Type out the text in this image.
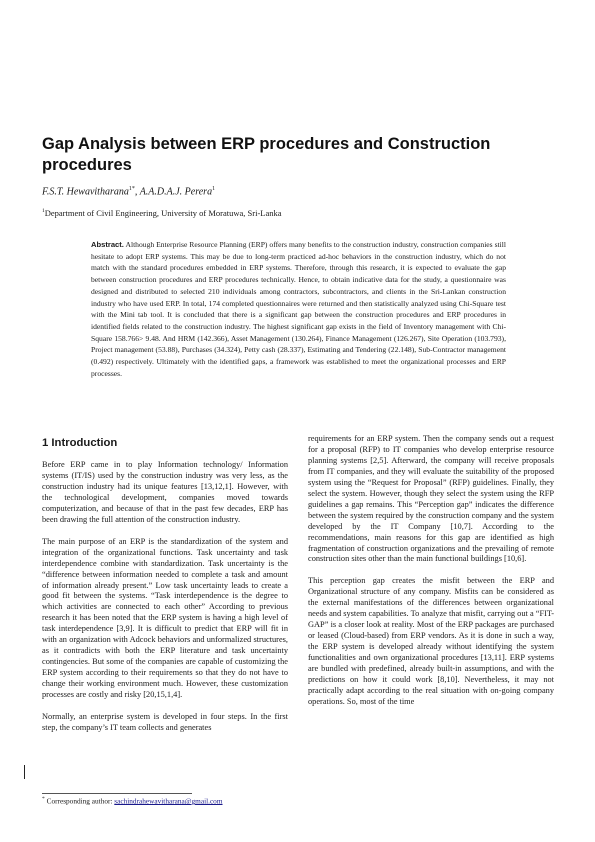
Gap Analysis between ERP procedures and Construction procedures
F.S.T. Hewavitharana$^{1*}$, A.A.D.A.J. Perera$^1$
$^1$Department of Civil Engineering, University of Moratuwa, Sri-Lanka
Abstract. Although Enterprise Resource Planning (ERP) offers many benefits to the construction industry, construction companies still hesitate to adopt ERP systems. This may be due to long-term practiced ad-hoc behaviors in the construction industry, which do not match with the standard procedures embedded in ERP systems. Therefore, through this research, it is expected to evaluate the gap between construction procedures and ERP procedures technically. Hence, to obtain indicative data for the study, a questionnaire was designed and distributed to selected 210 individuals among contractors, subcontractors, and clients in the Sri-Lankan construction industry who have used ERP. In total, 174 completed questionnaires were returned and then statistically analyzed using Chi-Square test with the Mini tab tool. It is concluded that there is a significant gap between the construction procedures and ERP procedures in identified fields related to the construction industry. The highest significant gap exists in the field of Inventory management with Chi-Square 158.766> 9.48. And HRM (142.366), Asset Management (130.264), Finance Management (126.267), Site Operation (103.793), Project management (53.88), Purchases (34.324), Petty cash (28.337), Estimating and Tendering (22.148), Sub-Contractor management (0.492) respectively. Ultimately with the identified gaps, a framework was established to meet the organizational processes and ERP processes.
1 Introduction

Before ERP came in to play Information technology/ Information systems (IT/IS) used by the construction industry was very less, as the construction industry had its unique features [13,12,1]. However, with the technological development, companies moved towards computerization, and because of that in the past few decades, ERP has been drawing the full attention of the construction industry.

The main purpose of an ERP is the standardization of the system and integration of the organizational functions. Task uncertainty and task interdependence combine with standardization. Task uncertainty is the “difference between information needed to complete a task and amount of information already present.” Low task uncertainty leads to create a good fit between the systems. “Task interdependence is the degree to which activities are connected to each other” According to previous research it has been noted that the ERP system is having a high level of task interdependence [3,9]. It is difficult to predict that ERP will fit in with an organization with Adcock behaviors and unformalized structures, as it contradicts with both the ERP literature and task uncertainty contingencies. But some of the companies are capable of customizing the ERP system according to their requirements so that they do not have to change their working environment much. However, these customization processes are costly and risky [20,15,1,4].

Normally, an enterprise system is developed in four steps. In the first step, the company’s IT team collects and generates

requirements for an ERP system. Then the company sends out a request for a proposal (RFP) to IT companies who develop enterprise resource planning systems [2,5]. Afterward, the company will receive proposals from IT companies, and they will evaluate the suitability of the proposed system using the “Request for Proposal” (RFP) guidelines. Finally, they select the system. However, though they select the system using the RFP guidelines a gap remains. This “Perception gap” indicates the difference between the system required by the construction company and the system developed by the IT Company [10,7]. According to the recommendations, main reasons for this gap are identified as high fragmentation of construction organizations and the prevailing of remote construction sites other than the main functional buildings [10,6].

This perception gap creates the misfit between the ERP and Organizational structure of any company. Misfits can be considered as the external manifestations of the differences between organizational needs and system capabilities. To analyze that misfit, carrying out a “FIT-GAP” is a closer look at reality. Most of the ERP packages are purchased or leased (Cloud-based) from ERP vendors. As it is done in such a way, the ERP system is developed already without identifying the system functionalities and own organizational procedures [13,11]. ERP systems are bundled with predefined, already built-in assumptions, and with the predictions on how it could work [8,10]. Nevertheless, it may not practically adapt according to the real situation with on-going company operations. So, most of the time

* Corresponding author: sachindrahewavitharana@gmail.com
